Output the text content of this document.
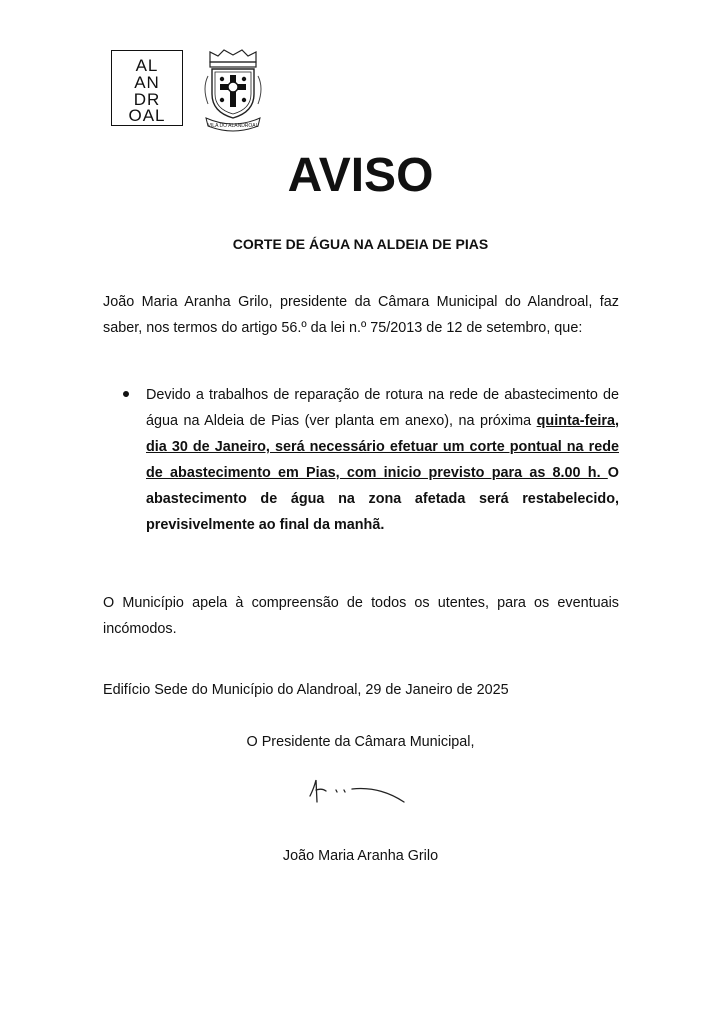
AL
AN
DR
OAL
VILA DO ALANDROAL
AVISO
CORTE DE ÁGUA NA ALDEIA DE PIAS
João Maria Aranha Grilo, presidente da Câmara Municipal do Alandroal, faz saber, nos termos do artigo 56.º da lei n.º 75/2013 de 12 de setembro, que:
Devido a trabalhos de reparação de rotura na rede de abastecimento de água na Aldeia de Pias (ver planta em anexo), na próxima quinta-feira, dia 30 de Janeiro, será necessário efetuar um corte pontual na rede de abastecimento em Pias, com inicio previsto para as 8.00 h. O abastecimento de água na zona afetada será restabelecido, previsivelmente ao final da manhã.
O Município apela à compreensão de todos os utentes, para os eventuais incómodos.
Edifício Sede do Município do Alandroal, 29 de Janeiro de 2025
O Presidente da Câmara Municipal,
João Maria Aranha Grilo
